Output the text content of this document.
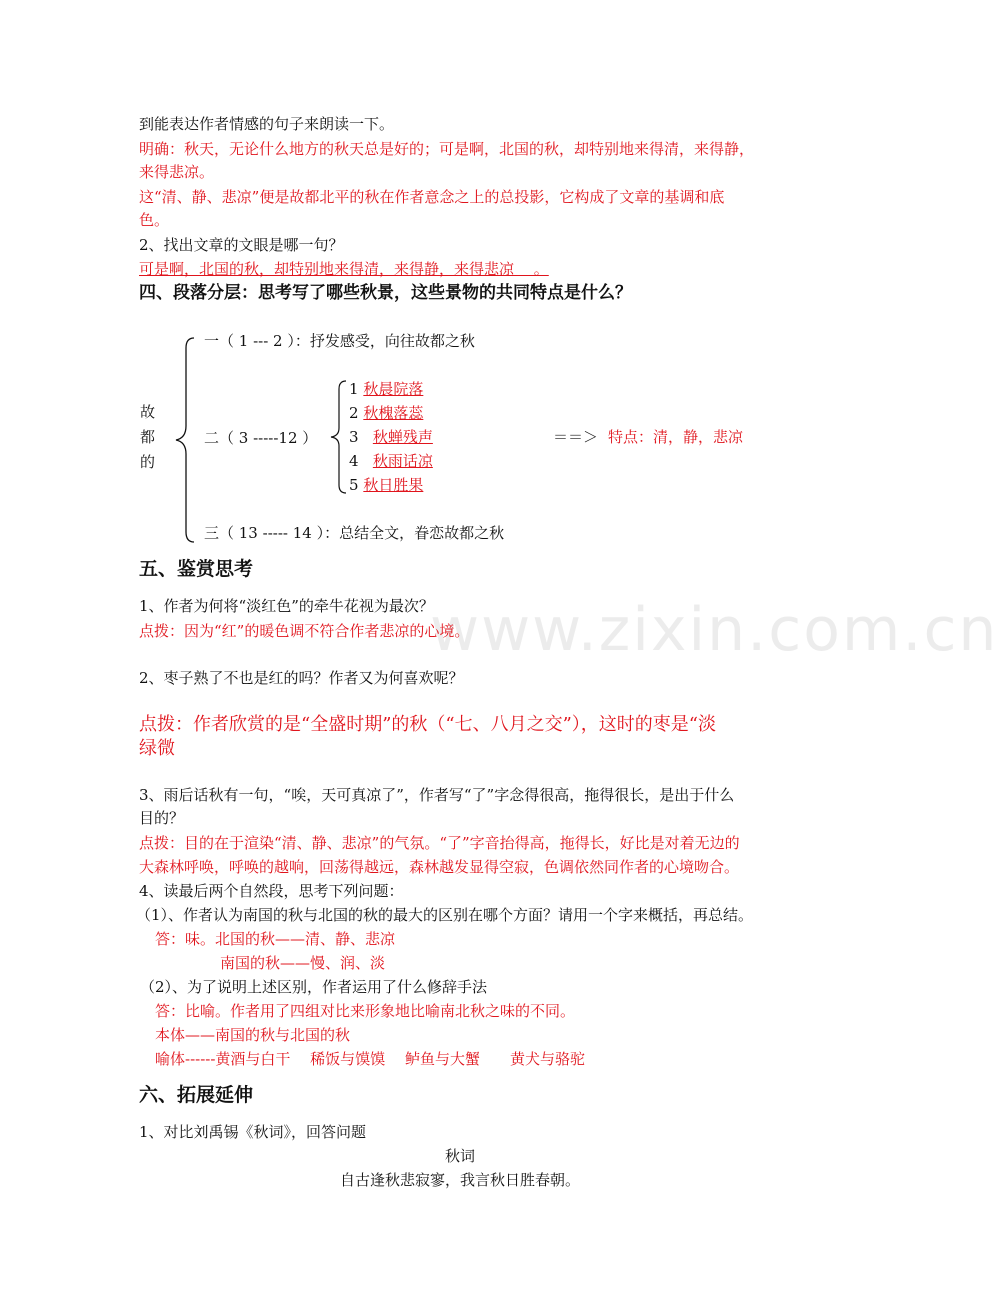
www.zixin.com.cn
到能表达作者情感的句子来朗读一下。
明确：秋天，无论什么地方的秋天总是好的；可是啊，北国的秋，却特别地来得清，来得静，
来得悲凉。
这“清、静、悲凉”便是故都北平的秋在作者意念之上的总投影，它构成了文章的基调和底
色。
2、找出文章的文眼是哪一句？
可是啊，北国的秋，却特别地来得清，来得静，来得悲凉 　。
四、段落分层：思考写了哪些秋景，这些景物的共同特点是什么？
故
都
的
一（ 1 --- 2 ）：抒发感受，向往故都之秋
二（ 3 -----12 ）
三（ 13 ----- 14 ）：总结全文，眷恋故都之秋
1 秋晨院落
2 秋槐落蕊
3 秋蝉残声
4 秋雨话凉
5 秋日胜果
＝＝＞ 特点：清，静，悲凉
五、鉴赏思考
1、作者为何将“淡红色”的牵牛花视为最次？
点拨：因为“红”的暖色调不符合作者悲凉的心境。
2、枣子熟了不也是红的吗？作者又为何喜欢呢？
点拨：作者欣赏的是“全盛时期”的秋（“七、八月之交”），这时的枣是“淡
绿微
3、雨后话秋有一句，“唉，天可真凉了”，作者写“了”字念得很高，拖得很长，是出于什么
目的？
点拨：目的在于渲染“清、静、悲凉”的气氛。“了”字音抬得高，拖得长，好比是对着无边的
大森林呼唤，呼唤的越响，回荡得越远，森林越发显得空寂，色调依然同作者的心境吻合。
4、读最后两个自然段，思考下列问题：
（1）、作者认为南国的秋与北国的秋的最大的区别在哪个方面？请用一个字来概括，再总结。
答：味。北国的秋——清、静、悲凉
南国的秋——慢、润、淡
（2）、为了说明上述区别，作者运用了什么修辞手法
答：比喻。作者用了四组对比来形象地比喻南北秋之味的不同。
本体——南国的秋与北国的秋
喻体------黄酒与白干　 稀饭与馍馍　 鲈鱼与大蟹　　黄犬与骆驼
六、拓展延伸
1、对比刘禹锡《秋词》，回答问题
秋词
自古逢秋悲寂寥，我言秋日胜春朝。
